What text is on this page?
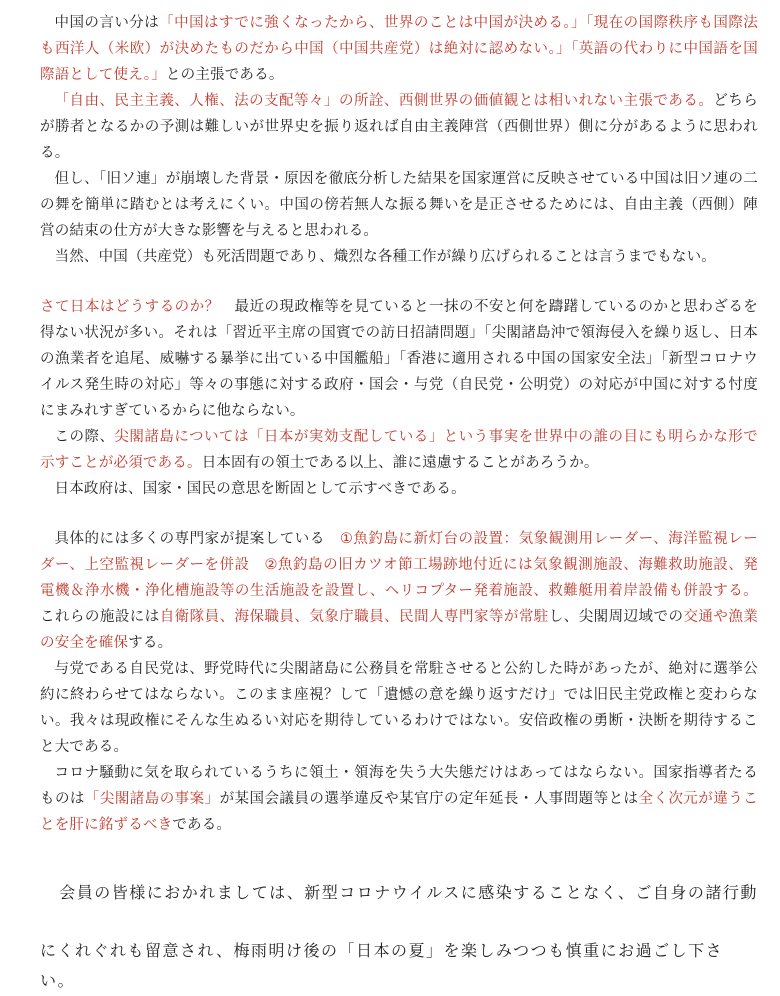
中国の言い分は「中国はすでに強くなったから、世界のことは中国が決める。」「現在の国際秩序も国際法も西洋人（米欧）が決めたものだから中国（中国共産党）は絶対に認めない。」「英語の代わりに中国語を国際語として使え。」との主張である。

「自由、民主主義、人権、法の支配等々」の所詮、西側世界の価値観とは相いれない主張である。どちらが勝者となるかの予測は難しいが世界史を振り返れば自由主義陣営（西側世界）側に分があるように思われる。

但し、「旧ソ連」が崩壊した背景・原因を徹底分析した結果を国家運営に反映させている中国は旧ソ連の二の舞を簡単に踏むとは考えにくい。中国の傍若無人な振る舞いを是正させるためには、自由主義（西側）陣営の結束の仕方が大きな影響を与えると思われる。

当然、中国（共産党）も死活問題であり、熾烈な各種工作が繰り広げられることは言うまでもない。

さて日本はどうするのか？　最近の現政権等を見ていると一抹の不安と何を躊躇しているのかと思わざるを得ない状況が多い。それは「習近平主席の国賓での訪日招請問題」「尖閣諸島沖で領海侵入を繰り返し、日本の漁業者を追尾、威嚇する暴挙に出ている中国艦船」「香港に適用される中国の国家安全法」「新型コロナウイルス発生時の対応」等々の事態に対する政府・国会・与党（自民党・公明党）の対応が中国に対する忖度にまみれすぎているからに他ならない。

この際、尖閣諸島については「日本が実効支配している」という事実を世界中の誰の目にも明らかな形で示すことが必須である。日本固有の領土である以上、誰に遠慮することがあろうか。

日本政府は、国家・国民の意思を断固として示すべきである。

具体的には多くの専門家が提案している　①魚釣島に新灯台の設置：気象観測用レーダー、海洋監視レーダー、上空監視レーダーを併設　②魚釣島の旧カツオ節工場跡地付近には気象観測施設、海難救助施設、発電機＆浄水機・浄化槽施設等の生活施設を設置し、ヘリコプター発着施設、救難艇用着岸設備も併設する。これらの施設には自衛隊員、海保職員、気象庁職員、民間人専門家等が常駐し、尖閣周辺域での交通や漁業の安全を確保する。

与党である自民党は、野党時代に尖閣諸島に公務員を常駐させると公約した時があったが、絶対に選挙公約に終わらせてはならない。このまま座視？して「遺憾の意を繰り返すだけ」では旧民主党政権と変わらない。我々は現政権にそんな生ぬるい対応を期待しているわけではない。安倍政権の勇断・決断を期待すること大である。

コロナ騒動に気を取られているうちに領土・領海を失う大失態だけはあってはならない。国家指導者たるものは「尖閣諸島の事案」が某国会議員の選挙違反や某官庁の定年延長・人事問題等とは全く次元が違うことを肝に銘ずるべきである。

会員の皆様におかれましては、新型コロナウイルスに感染することなく、ご自身の諸行動

にくれぐれも留意され、梅雨明け後の「日本の夏」を楽しみつつも慎重にお過ごし下さい。
